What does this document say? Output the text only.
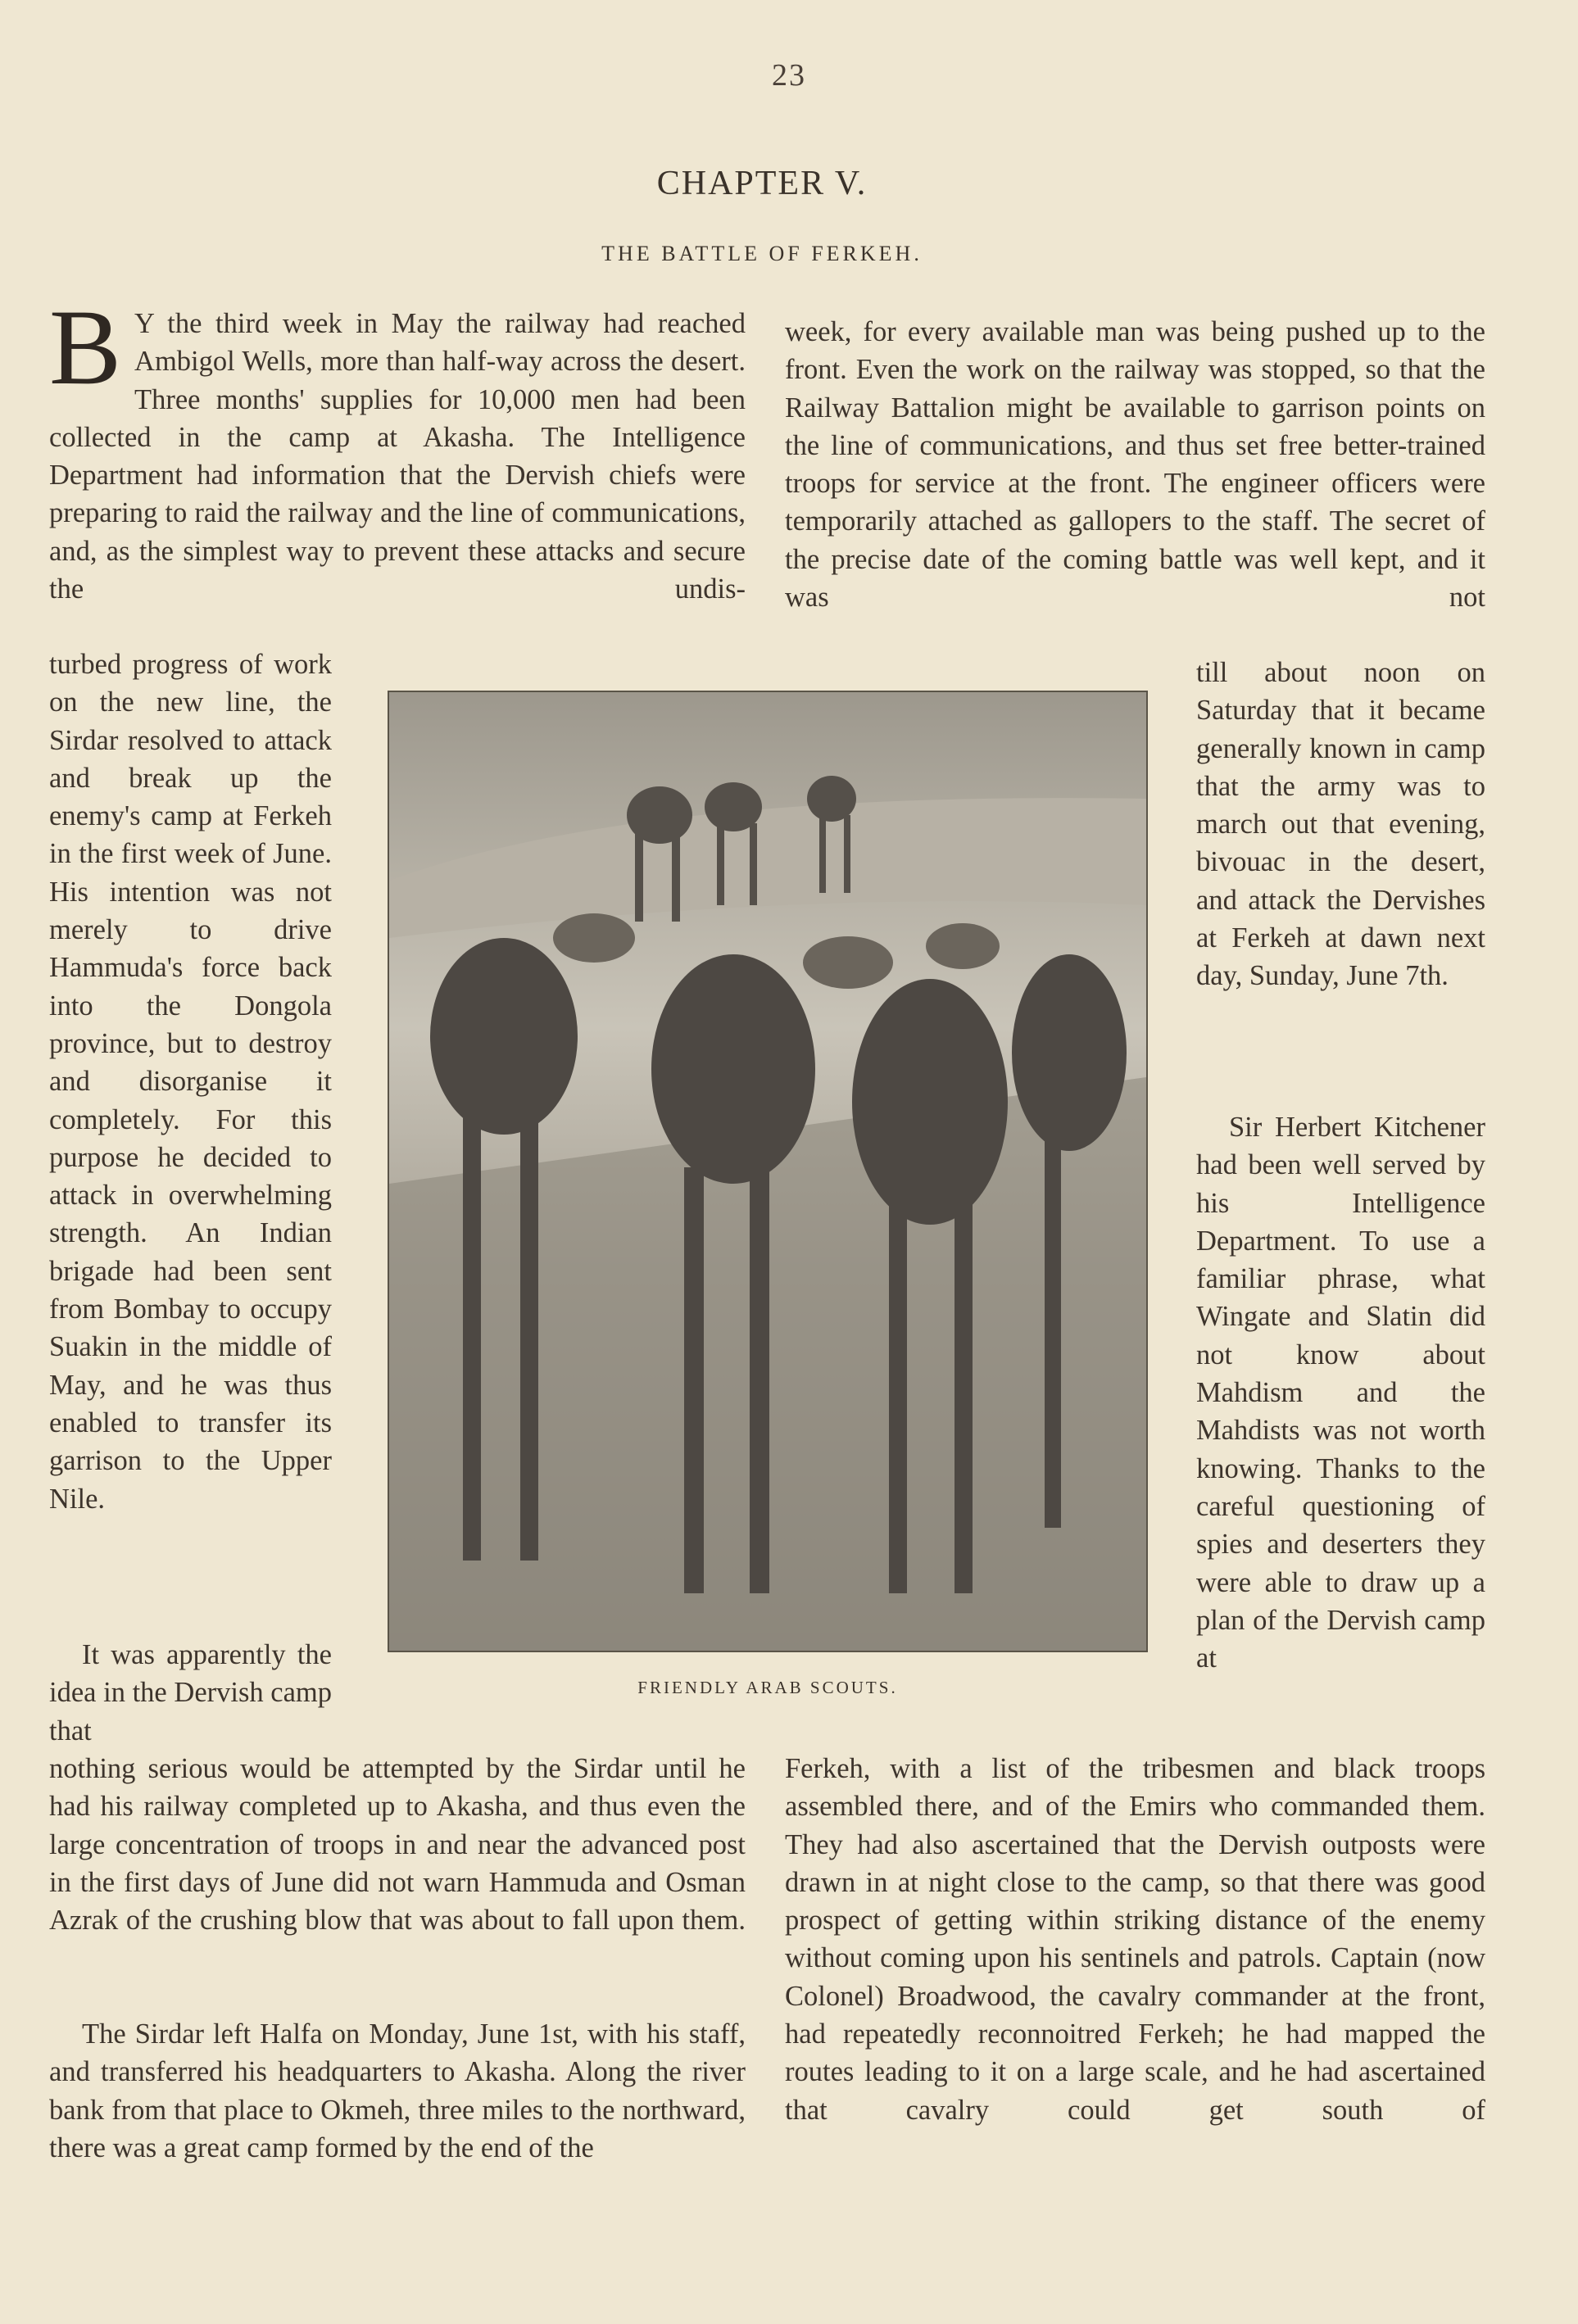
23
CHAPTER V.
THE BATTLE OF FERKEH.

B Y the third week in May the railway had reached Ambigol Wells, more than half-way across the desert. Three months' supplies for 10,000 men had been collected in the camp at Akasha. The Intelligence Department had information that the Dervish chiefs were preparing to raid the railway and the line of communications, and, as the simplest way to prevent these attacks and secure the undis-

turbed progress of work on the new line, the Sirdar resolved to attack and break up the enemy's camp at Ferkeh in the first week of June. His intention was not merely to drive Hammuda's force back into the Dongola province, but to destroy and disorganise it completely. For this purpose he decided to attack in overwhelming strength. An Indian brigade had been sent from Bombay to occupy Suakin in the middle of May, and he was thus enabled to transfer its garrison to the Upper Nile.

It was apparently the idea in the Dervish camp that

nothing serious would be attempted by the Sirdar until he had his railway completed up to Akasha, and thus even the large concentration of troops in and near the advanced post in the first days of June did not warn Hammuda and Osman Azrak of the crushing blow that was about to fall upon them.

The Sirdar left Halfa on Monday, June 1st, with his staff, and transferred his headquarters to Akasha. Along the river bank from that place to Okmeh, three miles to the northward, there was a great camp formed by the end of the

week, for every available man was being pushed up to the front. Even the work on the railway was stopped, so that the Railway Battalion might be available to garrison points on the line of communications, and thus set free better-trained troops for service at the front. The engineer officers were temporarily attached as gallopers to the staff. The secret of the precise date of the coming battle was well kept, and it was not

till about noon on Saturday that it became generally known in camp that the army was to march out that evening, bivouac in the desert, and attack the Dervishes at Ferkeh at dawn next day, Sunday, June 7th.

Sir Herbert Kitchener had been well served by his Intelligence Department. To use a familiar phrase, what Wingate and Slatin did not know about Mahdism and the Mahdists was not worth knowing. Thanks to the careful questioning of spies and deserters they were able to draw up a plan of the Dervish camp at

Ferkeh, with a list of the tribesmen and black troops assembled there, and of the Emirs who commanded them. They had also ascertained that the Dervish outposts were drawn in at night close to the camp, so that there was good prospect of getting within striking distance of the enemy without coming upon his sentinels and patrols. Captain (now Colonel) Broadwood, the cavalry commander at the front, had repeatedly reconnoitred Ferkeh; he had mapped the routes leading to it on a large scale, and he had ascertained that cavalry could get south of

FRIENDLY ARAB SCOUTS.
